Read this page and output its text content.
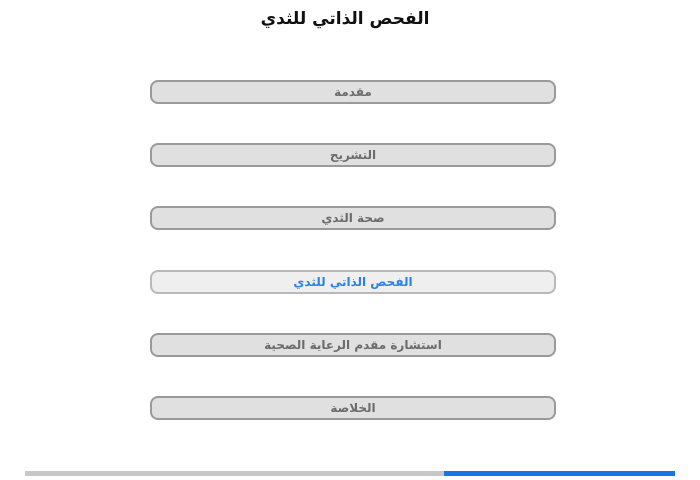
الفحص الذاتي للثدي
مقدمة
التشريح
صحة الثدي
الفحص الذاتي للثدي
استشارة مقدم الرعاية الصحية
الخلاصة
